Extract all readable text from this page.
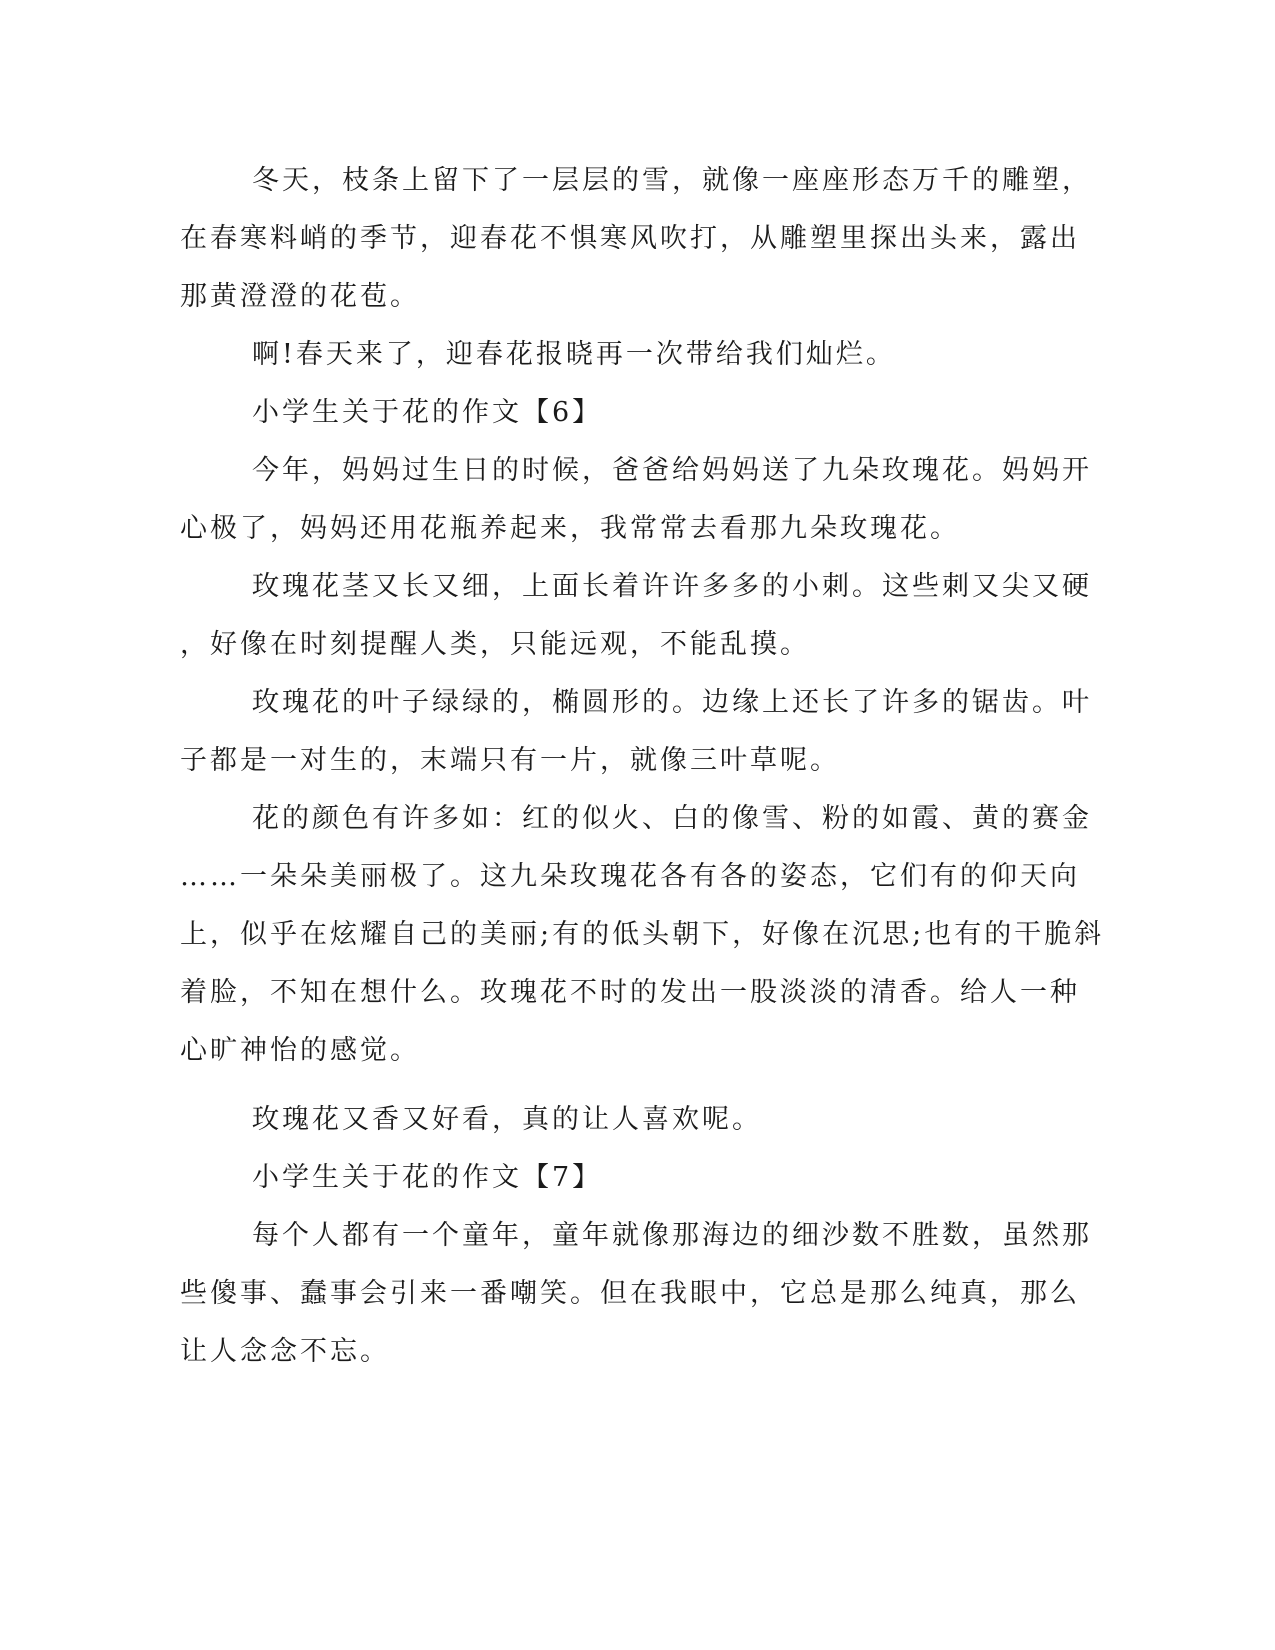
冬天，枝条上留下了一层层的雪，就像一座座形态万千的雕塑，
在春寒料峭的季节，迎春花不惧寒风吹打，从雕塑里探出头来，露出
那黄澄澄的花苞。
啊!春天来了，迎春花报晓再一次带给我们灿烂。
小学生关于花的作文【6】
今年，妈妈过生日的时候，爸爸给妈妈送了九朵玫瑰花。妈妈开
心极了，妈妈还用花瓶养起来，我常常去看那九朵玫瑰花。
玫瑰花茎又长又细，上面长着许许多多的小刺。这些刺又尖又硬
，好像在时刻提醒人类，只能远观，不能乱摸。
玫瑰花的叶子绿绿的，椭圆形的。边缘上还长了许多的锯齿。叶
子都是一对生的，末端只有一片，就像三叶草呢。
花的颜色有许多如：红的似火、白的像雪、粉的如霞、黄的赛金
……一朵朵美丽极了。这九朵玫瑰花各有各的姿态，它们有的仰天向
上，似乎在炫耀自己的美丽;有的低头朝下，好像在沉思;也有的干脆斜
着脸，不知在想什么。玫瑰花不时的发出一股淡淡的清香。给人一种
心旷神怡的感觉。
玫瑰花又香又好看，真的让人喜欢呢。
小学生关于花的作文【7】
每个人都有一个童年，童年就像那海边的细沙数不胜数，虽然那
些傻事、蠢事会引来一番嘲笑。但在我眼中，它总是那么纯真，那么
让人念念不忘。
